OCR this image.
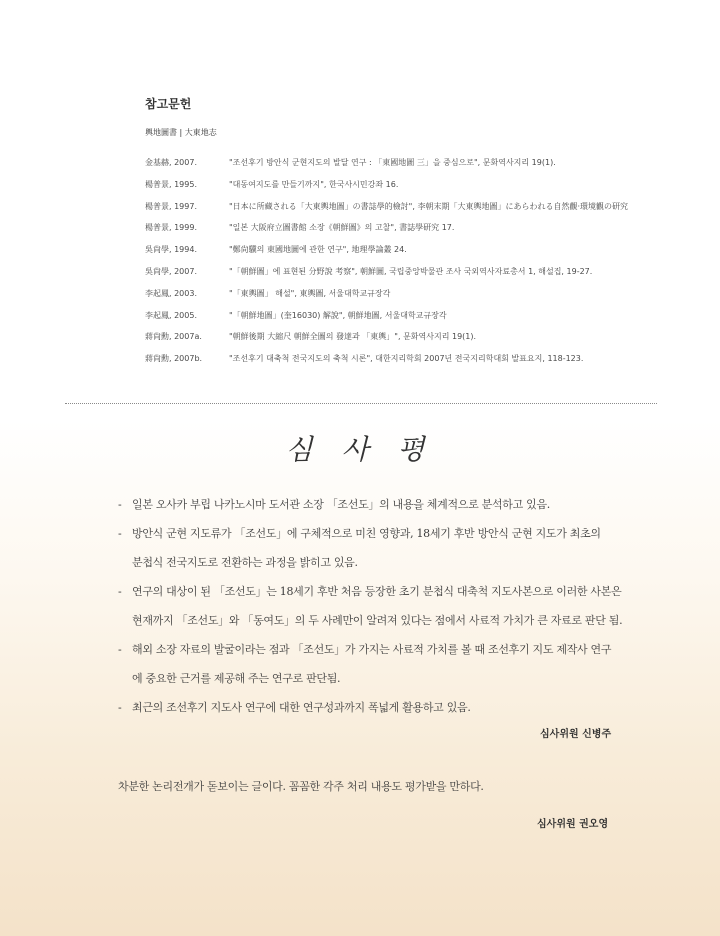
참고문헌
輿地圖書 | 大東地志
金基赫, 2007.	"조선후기 방안식 군현지도의 발달 연구 : 「東國地圖 三」을 중심으로", 문화역사지리 19(1).
楊普景, 1995.	"대동여지도를 만들기까지", 한국사시민강좌 16.
楊普景, 1997.	"日本に所藏される「大東輿地圖」の書誌學的檢討", 李朝末期「大東輿地圖」にあらわれる自然觀·環境觀の研究
楊普景, 1999.	"일본 大阪府立圖書館 소장《朝鮮圖》의 고찰", 書誌學研究 17.
吳尙學, 1994.	"鄭尙驥의 東國地圖에 관한 연구", 地理學論叢 24.
吳尙學, 2007.	"「朝鮮圖」에 표현된 分野說 考察", 朝鮮圖, 국립중앙박물관 조사 국외역사자료총서 1, 해설집, 19-27.
李起鳳, 2003.	"「東輿圖」 해설", 東輿圖, 서울대학교규장각
李起鳳, 2005.	"「朝鮮地圖」(奎16030) 解說", 朝鮮地圖, 서울대학교규장각
蔣尙勳, 2007a.	"朝鮮後期 大縮尺 朝鮮全圖의 發達과 「東輿」", 문화역사지리 19(1).
蔣尙勳, 2007b.	"조선후기 대축척 전국지도의 축척 시론", 대한지리학회 2007년 전국지리학대회 발표요지, 118-123.
심 사 평
- 일본 오사카 부립 나카노시마 도서관 소장 「조선도」의 내용을 체계적으로 분석하고 있음.
- 방안식 군현 지도류가 「조선도」에 구체적으로 미친 영향과, 18세기 후반 방안식 군현 지도가 최초의
분첩식 전국지도로 전환하는 과정을 밝히고 있음.
- 연구의 대상이 된 「조선도」는 18세기 후반 처음 등장한 초기 분첩식 대축척 지도사본으로 이러한 사본은
현재까지 「조선도」와 「동여도」의 두 사례만이 알려져 있다는 점에서 사료적 가치가 큰 자료로 판단 됨.
- 해외 소장 자료의 발굴이라는 점과 「조선도」가 가지는 사료적 가치를 볼 때 조선후기 지도 제작사 연구
에 중요한 근거를 제공해 주는 연구로 판단됨.
- 최근의 조선후기 지도사 연구에 대한 연구성과까지 폭넓게 활용하고 있음.
심사위원 신병주
차분한 논리전개가 돋보이는 글이다. 꼼꼼한 각주 처리 내용도 평가받을 만하다.
심사위원 권오영
